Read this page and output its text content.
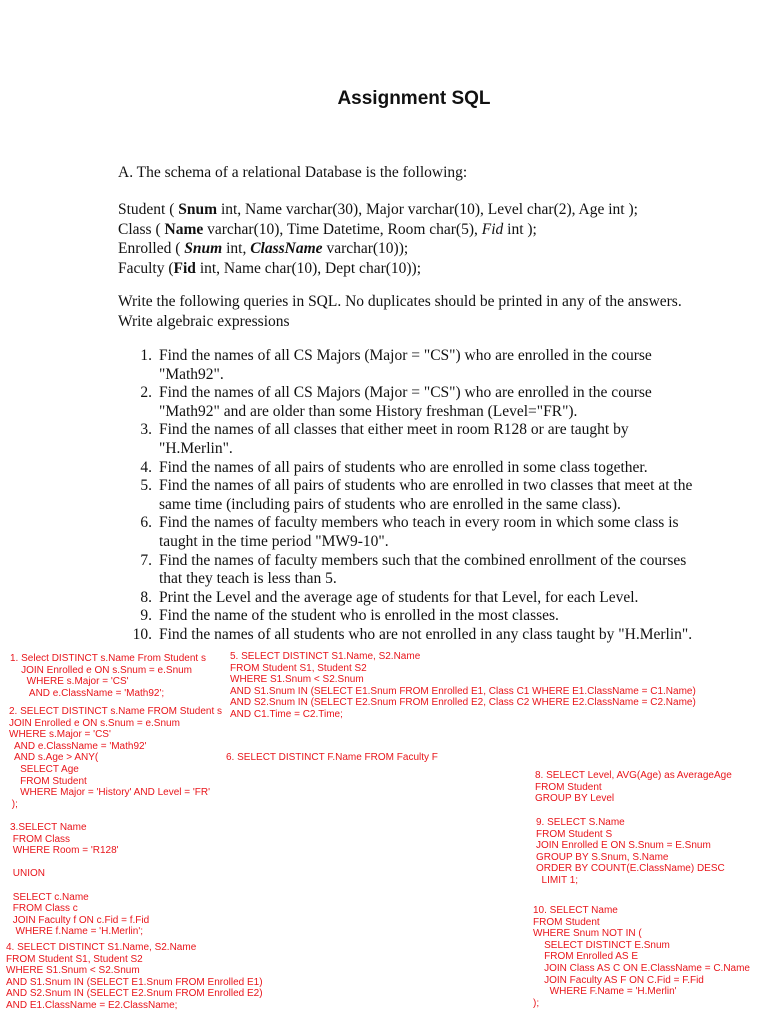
Assignment SQL
A. The schema of a relational Database is the following:
Student ( Snum int, Name varchar(30), Major varchar(10), Level char(2), Age int );
Class ( Name varchar(10), Time Datetime, Room char(5), Fid int );
Enrolled ( Snum int, ClassName varchar(10));
Faculty (Fid int, Name char(10), Dept char(10));
Write the following queries in SQL. No duplicates should be printed in any of the answers.
Write algebraic expressions
1. Find the names of all CS Majors (Major = "CS") who are enrolled in the course
"Math92".
2. Find the names of all CS Majors (Major = "CS") who are enrolled in the course
"Math92" and are older than some History freshman (Level="FR").
3. Find the names of all classes that either meet in room R128 or are taught by
"H.Merlin".
4. Find the names of all pairs of students who are enrolled in some class together.
5. Find the names of all pairs of students who are enrolled in two classes that meet at the
same time (including pairs of students who are enrolled in the same class).
6. Find the names of faculty members who teach in every room in which some class is
taught in the time period "MW9-10".
7. Find the names of faculty members such that the combined enrollment of the courses
that they teach is less than 5.
8. Print the Level and the average age of students for that Level, for each Level.
9. Find the name of the student who is enrolled in the most classes.
10. Find the names of all students who are not enrolled in any class taught by "H.Merlin".
1. Select DISTINCT s.Name From Student s
JOIN Enrolled e ON s.Snum = e.Snum
WHERE s.Major = 'CS'
AND e.ClassName = 'Math92';
2. SELECT DISTINCT s.Name FROM Student s
JOIN Enrolled e ON s.Snum = e.Snum
WHERE s.Major = 'CS'
AND e.ClassName = 'Math92'
AND s.Age > ANY(
SELECT Age
FROM Student
WHERE Major = 'History' AND Level = 'FR'
);
3.SELECT Name
FROM Class
WHERE Room = 'R128'
UNION
SELECT c.Name
FROM Class c
JOIN Faculty f ON c.Fid = f.Fid
WHERE f.Name = 'H.Merlin';
4. SELECT DISTINCT S1.Name, S2.Name
FROM Student S1, Student S2
WHERE S1.Snum < S2.Snum
AND S1.Snum IN (SELECT E1.Snum FROM Enrolled E1)
AND S2.Snum IN (SELECT E2.Snum FROM Enrolled E2)
AND E1.ClassName = E2.ClassName;
5. SELECT DISTINCT S1.Name, S2.Name
FROM Student S1, Student S2
WHERE S1.Snum < S2.Snum
AND S1.Snum IN (SELECT E1.Snum FROM Enrolled E1, Class C1 WHERE E1.ClassName = C1.Name)
AND S2.Snum IN (SELECT E2.Snum FROM Enrolled E2, Class C2 WHERE E2.ClassName = C2.Name)
AND C1.Time = C2.Time;
6. SELECT DISTINCT F.Name FROM Faculty F
8. SELECT Level, AVG(Age) as AverageAge
FROM Student
GROUP BY Level
9. SELECT S.Name
FROM Student S
JOIN Enrolled E ON S.Snum = E.Snum
GROUP BY S.Snum, S.Name
ORDER BY COUNT(E.ClassName) DESC
LIMIT 1;
10. SELECT Name
FROM Student
WHERE Snum NOT IN (
SELECT DISTINCT E.Snum
FROM Enrolled AS E
JOIN Class AS C ON E.ClassName = C.Name
JOIN Faculty AS F ON C.Fid = F.Fid
WHERE F.Name = 'H.Merlin'
);
